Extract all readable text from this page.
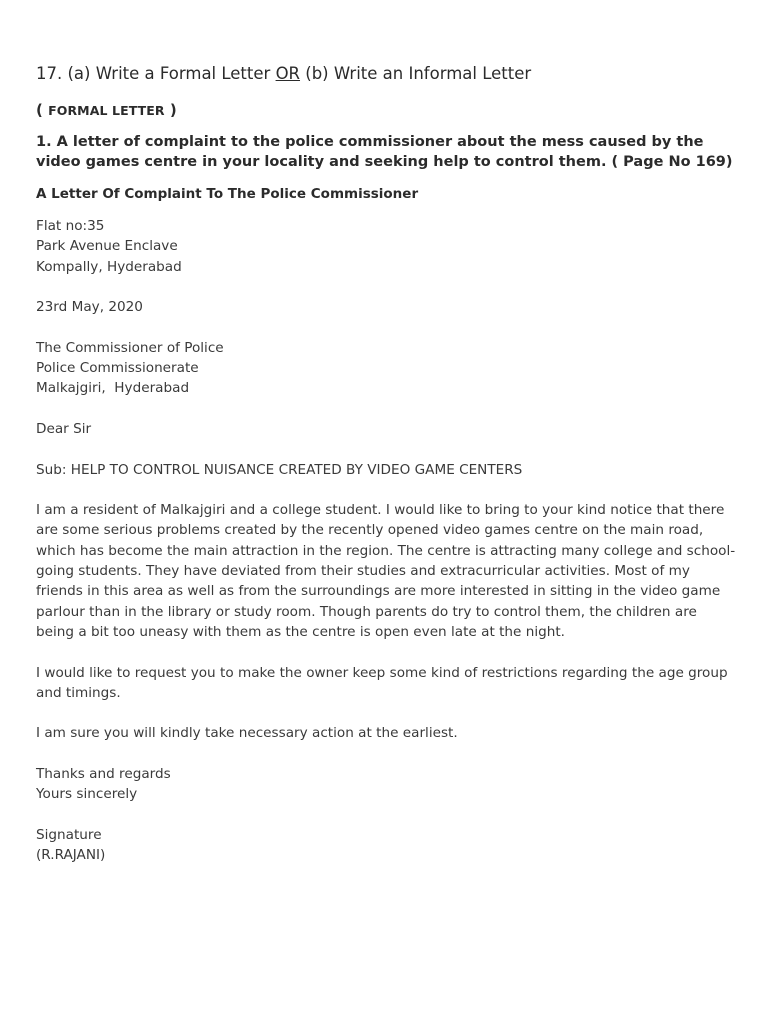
17. (a) Write a Formal Letter OR (b) Write an Informal Letter
( FORMAL LETTER )
1. A letter of complaint to the police commissioner about the mess caused by the video games centre in your locality and seeking help to control them. ( Page No 169)
A Letter Of Complaint To The Police Commissioner
Flat no:35
Park Avenue Enclave
Kompally, Hyderabad
23rd May, 2020
The Commissioner of Police
Police Commissionerate
Malkajgiri,  Hyderabad
Dear Sir
Sub: HELP TO CONTROL NUISANCE CREATED BY VIDEO GAME CENTERS
I am a resident of Malkajgiri and a college student. I would like to bring to your kind notice that there are some serious problems created by the recently opened video games centre on the main road, which has become the main attraction in the region. The centre is attracting many college and school-going students. They have deviated from their studies and extracurricular activities. Most of my friends in this area as well as from the surroundings are more interested in sitting in the video game parlour than in the library or study room. Though parents do try to control them, the children are being a bit too uneasy with them as the centre is open even late at the night.
I would like to request you to make the owner keep some kind of restrictions regarding the age group and timings.
I am sure you will kindly take necessary action at the earliest.
Thanks and regards
Yours sincerely
Signature
(R.RAJANI)
